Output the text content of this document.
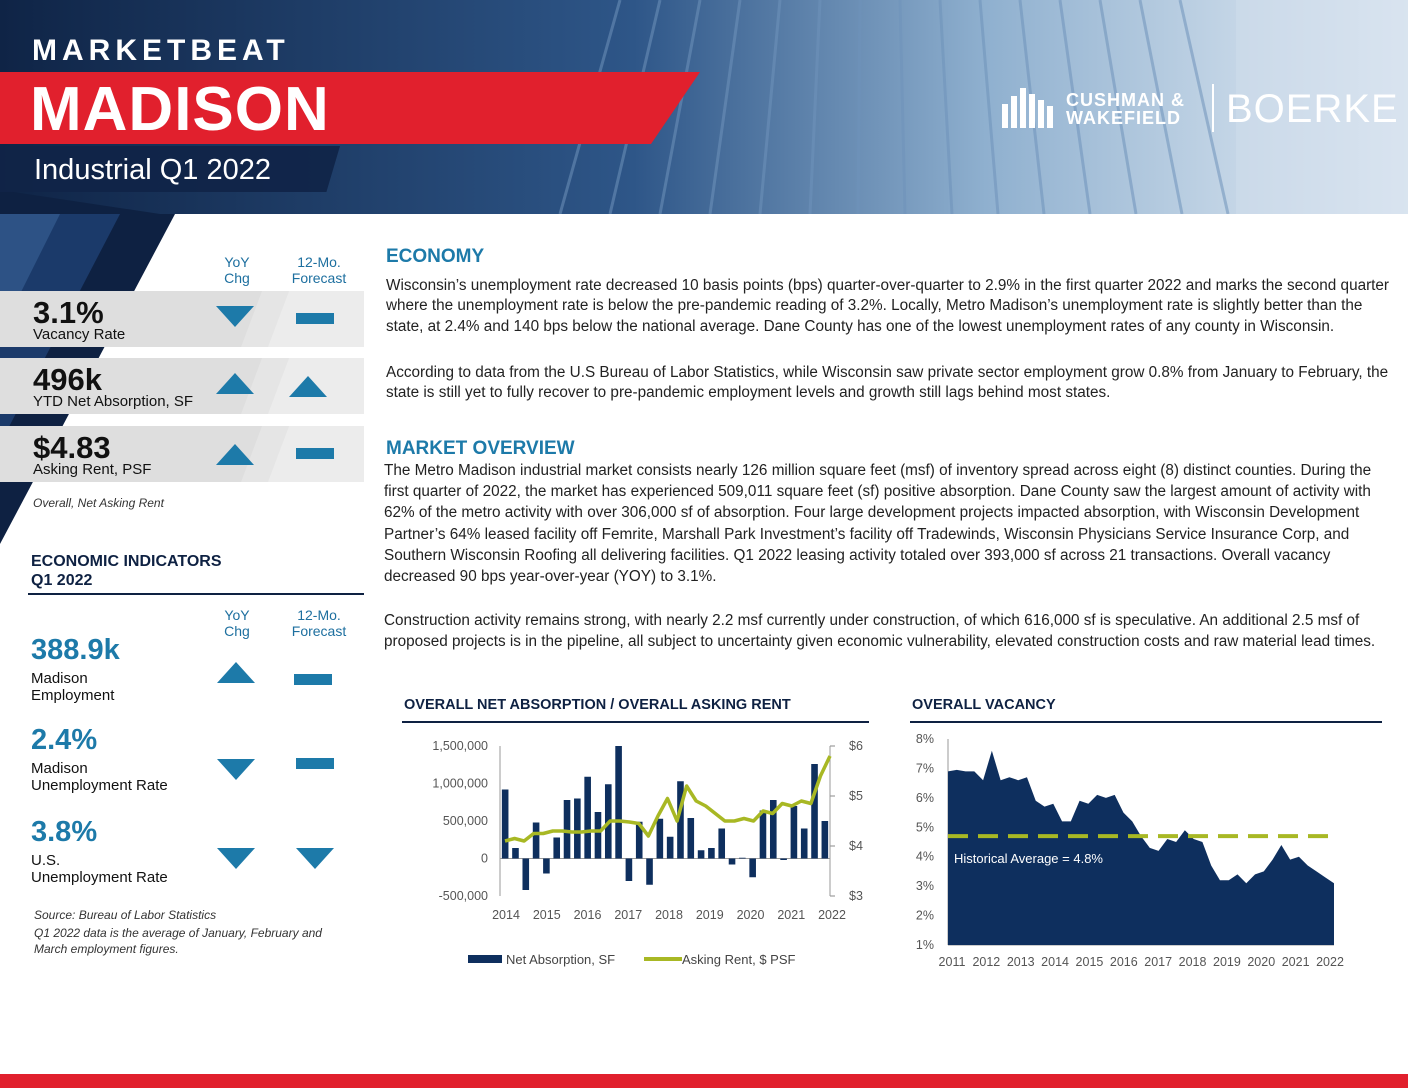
MARKETBEAT
MADISON
Industrial Q1 2022
CUSHMAN &
WAKEFIELD BOERKE
YoY Chg
12-Mo. Forecast
3.1%
Vacancy Rate
496k
YTD Net Absorption, SF
$4.83
Asking Rent, PSF
Overall, Net Asking Rent
ECONOMIC INDICATORS
Q1 2022
YoY Chg
12-Mo. Forecast
388.9k
Madison
Employment
2.4%
Madison
Unemployment Rate
3.8%
U.S.
Unemployment Rate
Source: Bureau of Labor Statistics
Q1 2022 data is the average of January, February and
March employment figures.
ECONOMY
Wisconsin’s unemployment rate decreased 10 basis points (bps) quarter-over-quarter to 2.9% in the first quarter 2022 and marks the second quarter where the unemployment rate is below the pre-pandemic reading of 3.2%. Locally, Metro Madison’s unemployment rate is slightly better than the state, at 2.4% and 140 bps below the national average. Dane County has one of the lowest unemployment rates of any county in Wisconsin.
According to data from the U.S Bureau of Labor Statistics, while Wisconsin saw private sector employment grow 0.8% from January to February, the state is still yet to fully recover to pre-pandemic employment levels and growth still lags behind most states.
MARKET OVERVIEW
The Metro Madison industrial market consists nearly 126 million square feet (msf) of inventory spread across eight (8) distinct counties. During the first quarter of 2022, the market has experienced 509,011 square feet (sf) positive absorption. Dane County saw the largest amount of activity with 62% of the metro activity with over 306,000 sf of absorption. Four large development projects impacted absorption, with Wisconsin Development Partner’s 64% leased facility off Femrite, Marshall Park Investment’s facility off Tradewinds, Wisconsin Physicians Service Insurance Corp, and Southern Wisconsin Roofing all delivering facilities. Q1 2022 leasing activity totaled over 393,000 sf across 21 transactions. Overall vacancy decreased 90 bps year-over-year (YOY) to 3.1%.
Construction activity remains strong, with nearly 2.2 msf currently under construction, of which 616,000 sf is speculative. An additional 2.5 msf of proposed projects is in the pipeline, all subject to uncertainty given economic vulnerability, elevated construction costs and raw material lead times.
OVERALL NET ABSORPTION / OVERALL ASKING RENT
1,500,000
1,000,000
500,000
0
-500,000
$6
$5
$4
$3
2014 2015 2016 2017 2018 2019 2020 2021 2022
Net Absorption, SF	Asking Rent, $ PSF
OVERALL VACANCY
8%
7%
6%
5%
4%
3%
2%
1%
Historical Average = 4.8%
2011 2012 2013 2014 2015 2016 2017 2018 2019 2020 2021 2022
